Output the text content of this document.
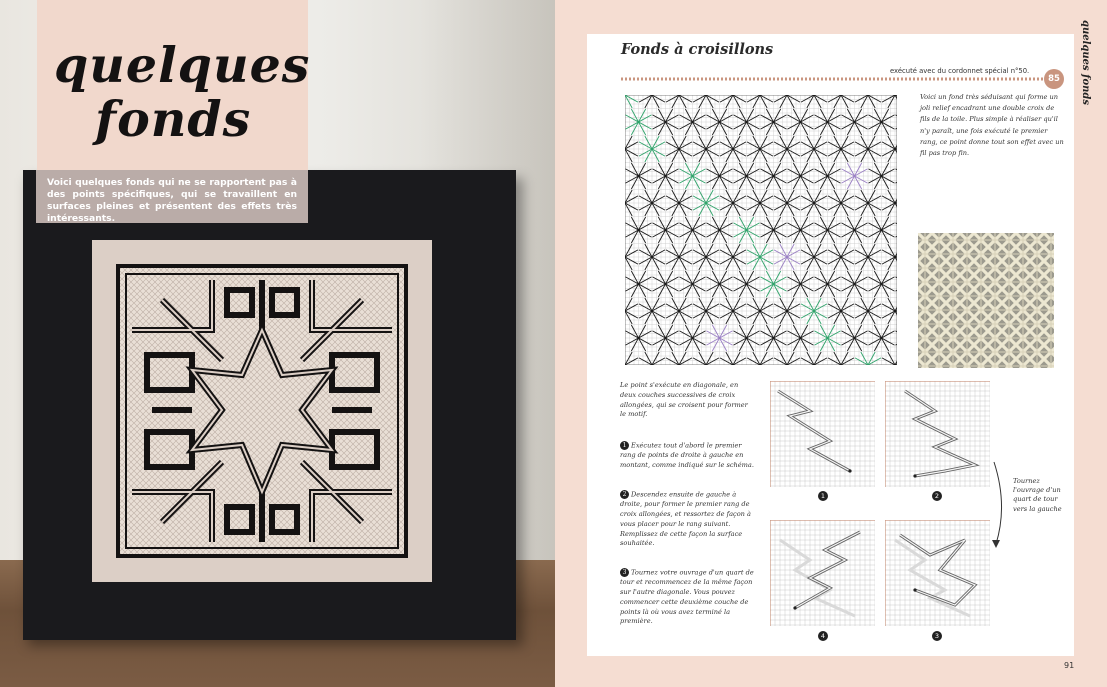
quelques
fonds

Voici quelques fonds qui ne se rapportent pas à des points spécifiques, qui se travaillent en surfaces pleines et présentent des effets très intéressants.

quelques fonds
Fonds à croisillons

exécuté avec du cordonnet spécial n°50.

85

Voici un fond très séduisant qui forme un joli relief encadrant une double croix de fils de la toile. Plus simple à réaliser qu'il n'y paraît, une fois exécuté le premier rang, ce point donne tout son effet avec un fil pas trop fin.

Le point s'exécute en diagonale, en deux couches successives de croix allongées, qui se croisent pour former le motif.

1 Exécutez tout d'abord le premier rang de points de droite à gauche en montant, comme indiqué sur le schéma.

2 Descendez ensuite de gauche à droite, pour former le premier rang de croix allongées, et ressortez de façon à vous placer pour le rang suivant. Remplissez de cette façon la surface souhaitée.

3 Tournez votre ouvrage d'un quart de tour et recommencez de la même façon sur l'autre diagonale. Vous pouvez commencer cette deuxième couche de points là où vous avez terminé la première.

1	2
4	3

Tournez l'ouvrage d'un quart de tour vers la gauche

91
